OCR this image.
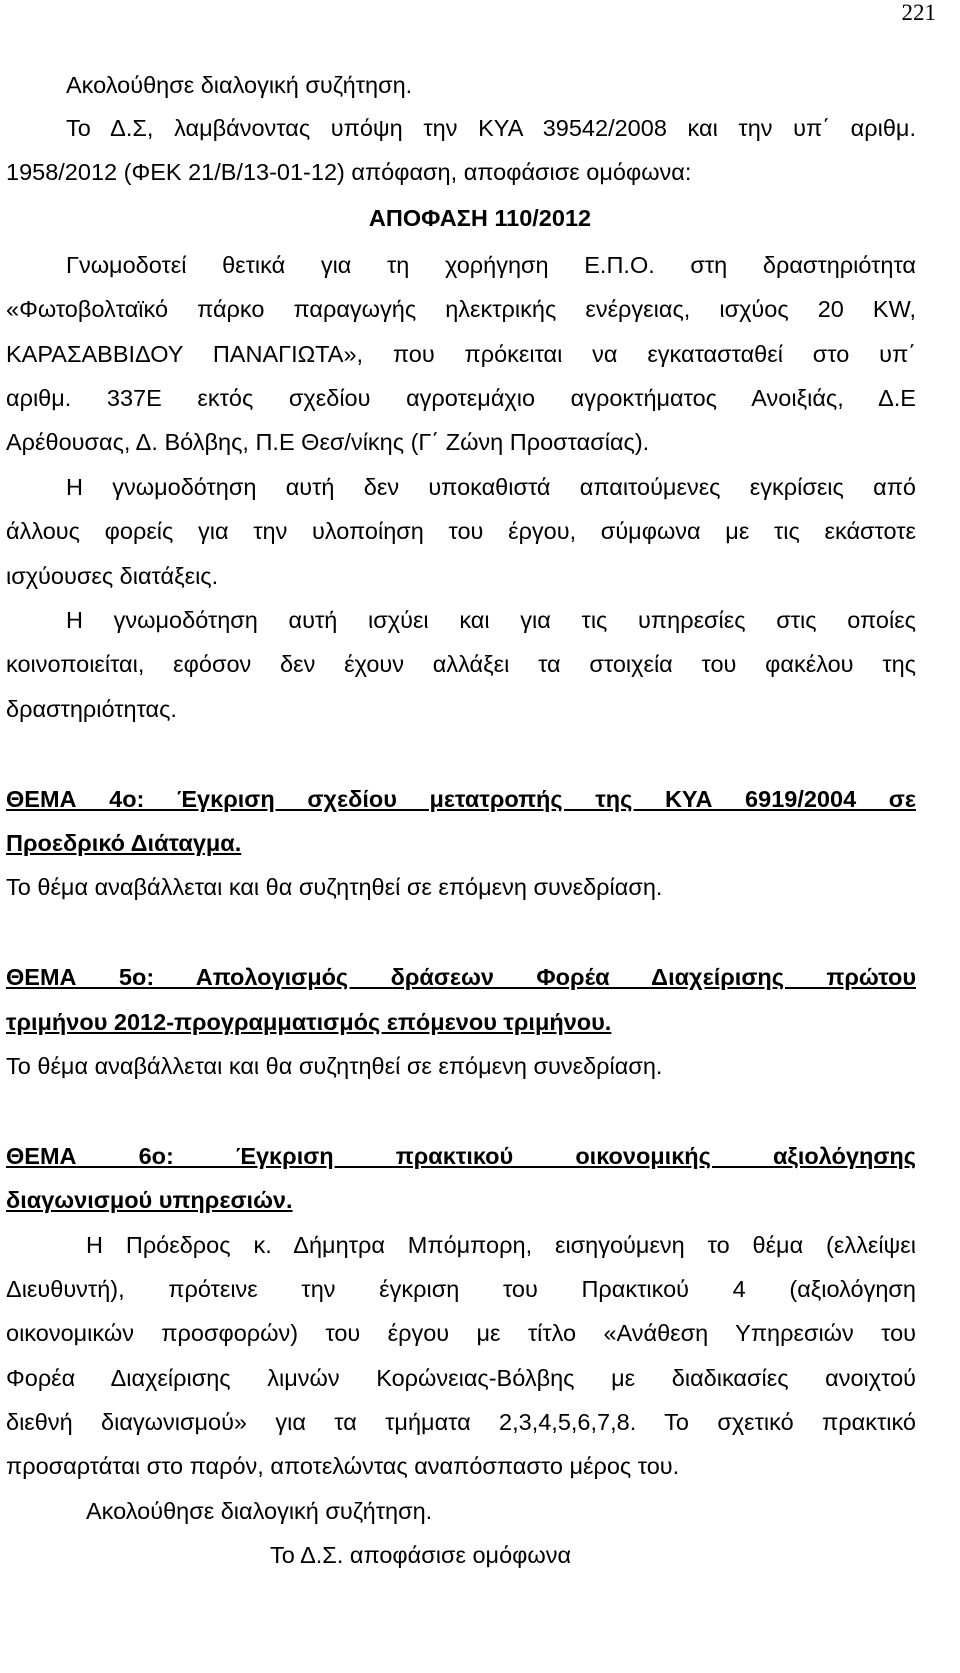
221
Ακολούθησε διαλογική συζήτηση.
Το Δ.Σ, λαμβάνοντας υπόψη την ΚΥΑ 39542/2008 και την υπ΄ αριθμ.
1958/2012 (ΦΕΚ 21/Β/13-01-12) απόφαση, αποφάσισε ομόφωνα:
ΑΠΟΦΑΣΗ 110/2012
Γνωμοδοτεί θετικά για τη χορήγηση Ε.Π.Ο. στη δραστηριότητα
«Φωτοβολταϊκό πάρκο παραγωγής ηλεκτρικής ενέργειας, ισχύος 20 KW,
ΚΑΡΑΣΑΒΒΙΔΟΥ ΠΑΝΑΓΙΩΤΑ», που πρόκειται να εγκατασταθεί στο υπ΄
αριθμ. 337Ε εκτός σχεδίου αγροτεμάχιο αγροκτήματος Ανοιξιάς, Δ.Ε
Αρέθουσας, Δ. Βόλβης, Π.Ε Θεσ/νίκης (Γ΄ Ζώνη Προστασίας).
Η γνωμοδότηση αυτή δεν υποκαθιστά απαιτούμενες εγκρίσεις από
άλλους φορείς για την υλοποίηση του έργου, σύμφωνα με τις εκάστοτε
ισχύουσες διατάξεις.
Η γνωμοδότηση αυτή ισχύει και για τις υπηρεσίες στις οποίες
κοινοποιείται, εφόσον δεν έχουν αλλάξει τα στοιχεία του φακέλου της
δραστηριότητας.
ΘΕΜΑ 4ο: Έγκριση σχεδίου μετατροπής της ΚΥΑ 6919/2004 σε
Προεδρικό Διάταγμα.
Το θέμα αναβάλλεται και θα συζητηθεί σε επόμενη συνεδρίαση.
ΘΕΜΑ 5ο: Απολογισμός δράσεων Φορέα Διαχείρισης πρώτου
τριμήνου 2012-προγραμματισμός επόμενου τριμήνου.
Το θέμα αναβάλλεται και θα συζητηθεί σε επόμενη συνεδρίαση.
ΘΕΜΑ 6ο: Έγκριση πρακτικού οικονομικής αξιολόγησης
διαγωνισμού υπηρεσιών.
Η Πρόεδρος κ. Δήμητρα Μπόμπορη, εισηγούμενη το θέμα (ελλείψει
Διευθυντή), πρότεινε την έγκριση του Πρακτικού 4 (αξιολόγηση
οικονομικών προσφορών) του έργου με τίτλο «Ανάθεση Υπηρεσιών του
Φορέα Διαχείρισης λιμνών Κορώνειας-Βόλβης με διαδικασίες ανοιχτού
διεθνή διαγωνισμού» για τα τμήματα 2,3,4,5,6,7,8. Το σχετικό πρακτικό
προσαρτάται στο παρόν, αποτελώντας αναπόσπαστο μέρος του.
Ακολούθησε διαλογική συζήτηση.
Το Δ.Σ. αποφάσισε ομόφωνα
